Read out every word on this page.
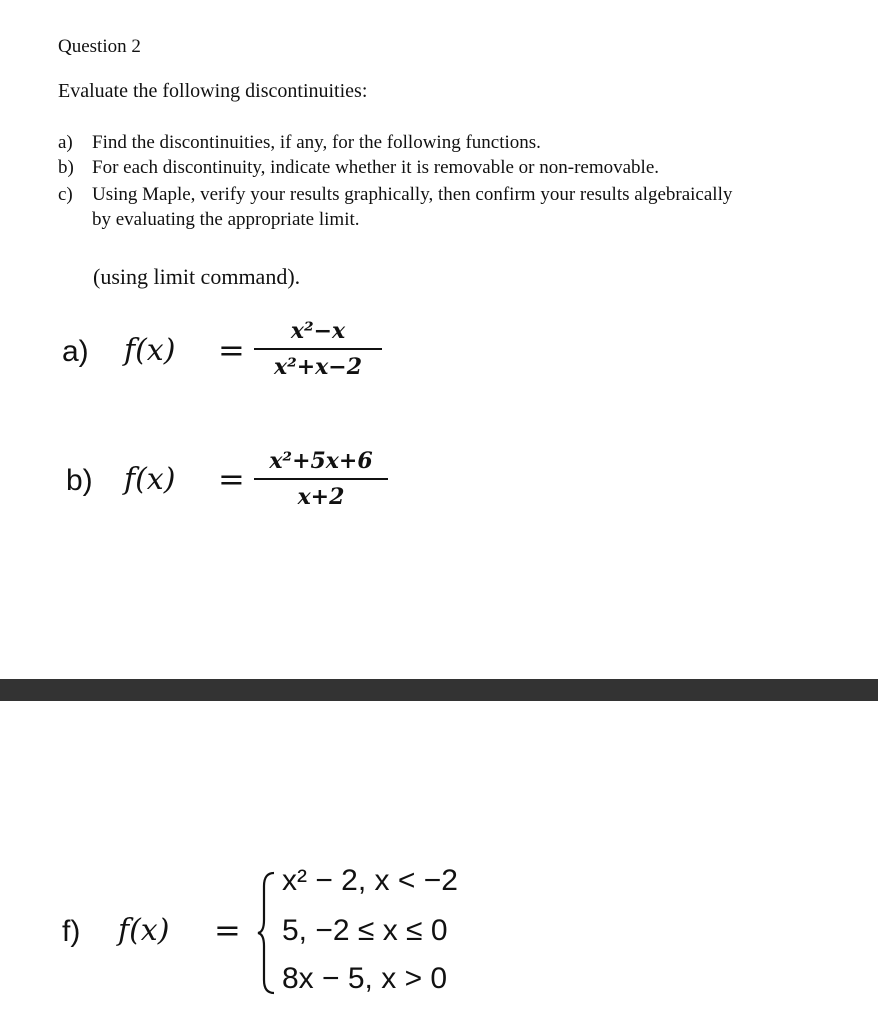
Question 2
Evaluate the following discontinuities:
a) Find the discontinuities, if any, for the following functions.
b) For each discontinuity, indicate whether it is removable or non-removable.
c) Using Maple, verify your results graphically, then confirm your results algebraically
by evaluating the appropriate limit.
(using limit command).
a) f(x) =	x²−x
x²+x−2
b) f(x) =	x²+5x+6
x+2
f) f(x) =
x² − 2, x < −2
5, −2 ≤ x ≤ 0
8x − 5, x > 0
